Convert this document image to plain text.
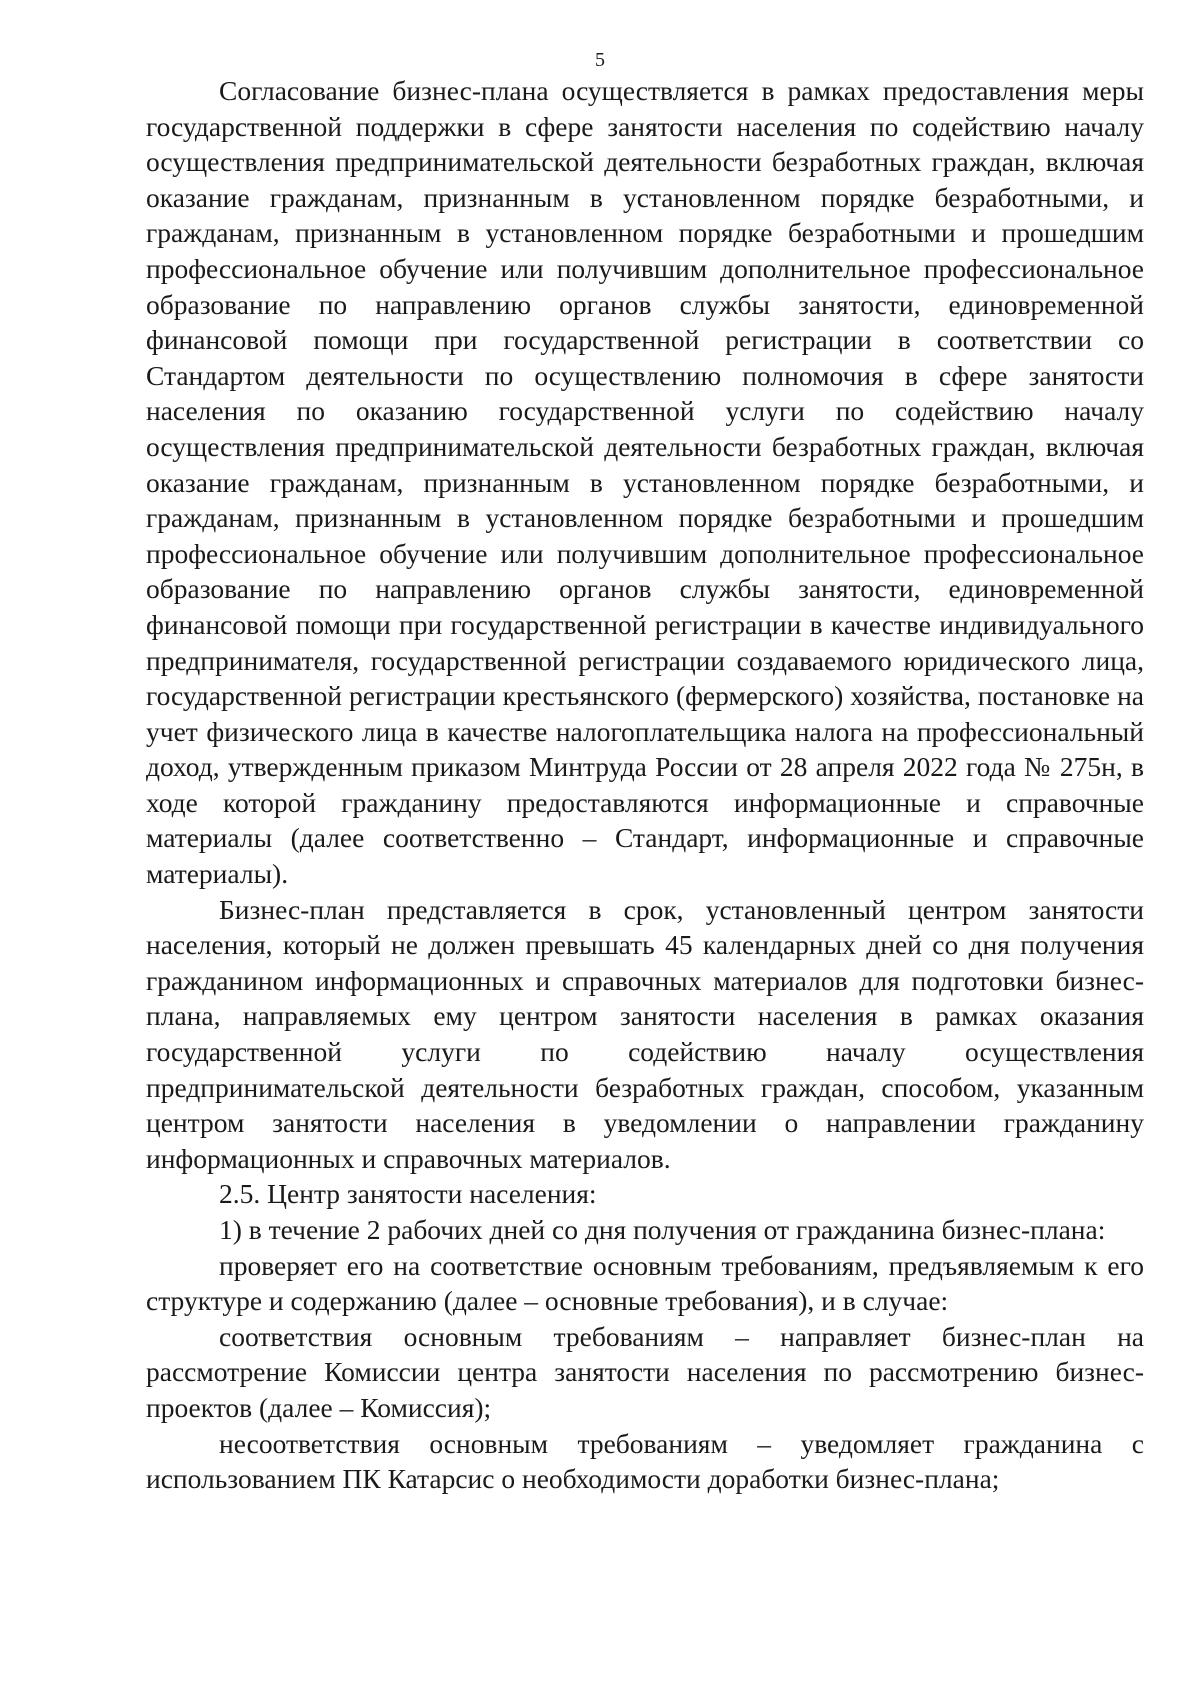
5

Согласование бизнес-плана осуществляется в рамках предоставления меры государственной поддержки в сфере занятости населения по содействию началу осуществления предпринимательской деятельности безработных граждан, включая оказание гражданам, признанным в установленном порядке безработными, и гражданам, признанным в установленном порядке безработными и прошедшим профессиональное обучение или получившим дополнительное профессиональное образование по направлению органов службы занятости, единовременной финансовой помощи при государственной регистрации в соответствии со Стандартом деятельности по осуществлению полномочия в сфере занятости населения по оказанию государственной услуги по содействию началу осуществления предпринимательской деятельности безработных граждан, включая оказание гражданам, признанным в установленном порядке безработными, и гражданам, признанным в установленном порядке безработными и прошедшим профессиональное обучение или получившим дополнительное профессиональное образование по направлению органов службы занятости, единовременной финансовой помощи при государственной регистрации в качестве индивидуального предпринимателя, государственной регистрации создаваемого юридического лица, государственной регистрации крестьянского (фермерского) хозяйства, постановке на учет физического лица в качестве налогоплательщика налога на профессиональный доход, утвержденным приказом Минтруда России от 28 апреля 2022 года № 275н, в ходе которой гражданину предоставляются информационные и справочные материалы (далее соответственно – Стандарт, информационные и справочные материалы).

Бизнес-план представляется в срок, установленный центром занятости населения, который не должен превышать 45 календарных дней со дня получения гражданином информационных и справочных материалов для подготовки бизнес-плана, направляемых ему центром занятости населения в рамках оказания государственной услуги по содействию началу осуществления предпринимательской деятельности безработных граждан, способом, указанным центром занятости населения в уведомлении о направлении гражданину информационных и справочных материалов.

2.5. Центр занятости населения:

1) в течение 2 рабочих дней со дня получения от гражданина бизнес-плана:

проверяет его на соответствие основным требованиям, предъявляемым к его структуре и содержанию (далее – основные требования), и в случае:

соответствия основным требованиям – направляет бизнес-план на рассмотрение Комиссии центра занятости населения по рассмотрению бизнес-проектов (далее – Комиссия);

несоответствия основным требованиям – уведомляет гражданина с использованием ПК Катарсис о необходимости доработки бизнес-плана;
